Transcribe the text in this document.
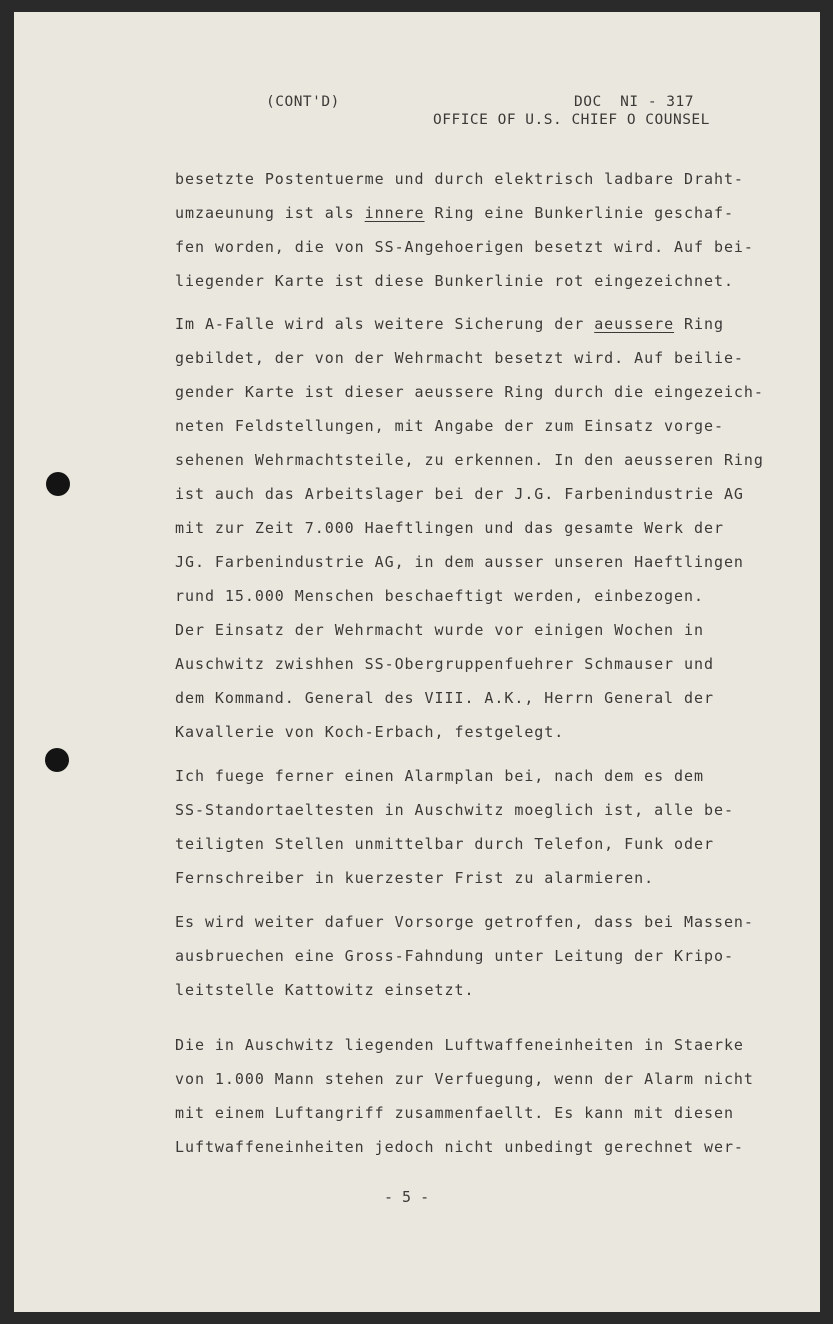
(CONT'D)	DOC  NI - 317
OFFICE OF U.S. CHIEF O COUNSEL
besetzte Postentuerme und durch elektrisch ladbare Draht-
umzaeunung ist als innere Ring eine Bunkerlinie geschaf-
fen worden, die von SS-Angehoerigen besetzt wird. Auf bei-
liegender Karte ist diese Bunkerlinie rot eingezeichnet.
Im A-Falle wird als weitere Sicherung der aeussere Ring
gebildet, der von der Wehrmacht besetzt wird. Auf beilie-
gender Karte ist dieser aeussere Ring durch die eingezeich-
neten Feldstellungen, mit Angabe der zum Einsatz vorge-
sehenen Wehrmachtsteile, zu erkennen. In den aeusseren Ring
ist auch das Arbeitslager bei der J.G. Farbenindustrie AG
mit zur Zeit 7.000 Haeftlingen und das gesamte Werk der
JG. Farbenindustrie AG, in dem ausser unseren Haeftlingen
rund 15.000 Menschen beschaeftigt werden, einbezogen.
Der Einsatz der Wehrmacht wurde vor einigen Wochen in
Auschwitz zwishhen SS-Obergruppenfuehrer Schmauser und
dem Kommand. General des VIII. A.K., Herrn General der
Kavallerie von Koch-Erbach, festgelegt.
Ich fuege ferner einen Alarmplan bei, nach dem es dem
SS-Standortaeltesten in Auschwitz moeglich ist, alle be-
teiligten Stellen unmittelbar durch Telefon, Funk oder
Fernschreiber in kuerzester Frist zu alarmieren.
Es wird weiter dafuer Vorsorge getroffen, dass bei Massen-
ausbruechen eine Gross-Fahndung unter Leitung der Kripo-
leitstelle Kattowitz einsetzt.
Die in Auschwitz liegenden Luftwaffeneinheiten in Staerke
von 1.000 Mann stehen zur Verfuegung, wenn der Alarm nicht
mit einem Luftangriff zusammenfaellt. Es kann mit diesen
Luftwaffeneinheiten jedoch nicht unbedingt gerechnet wer-
- 5 -
